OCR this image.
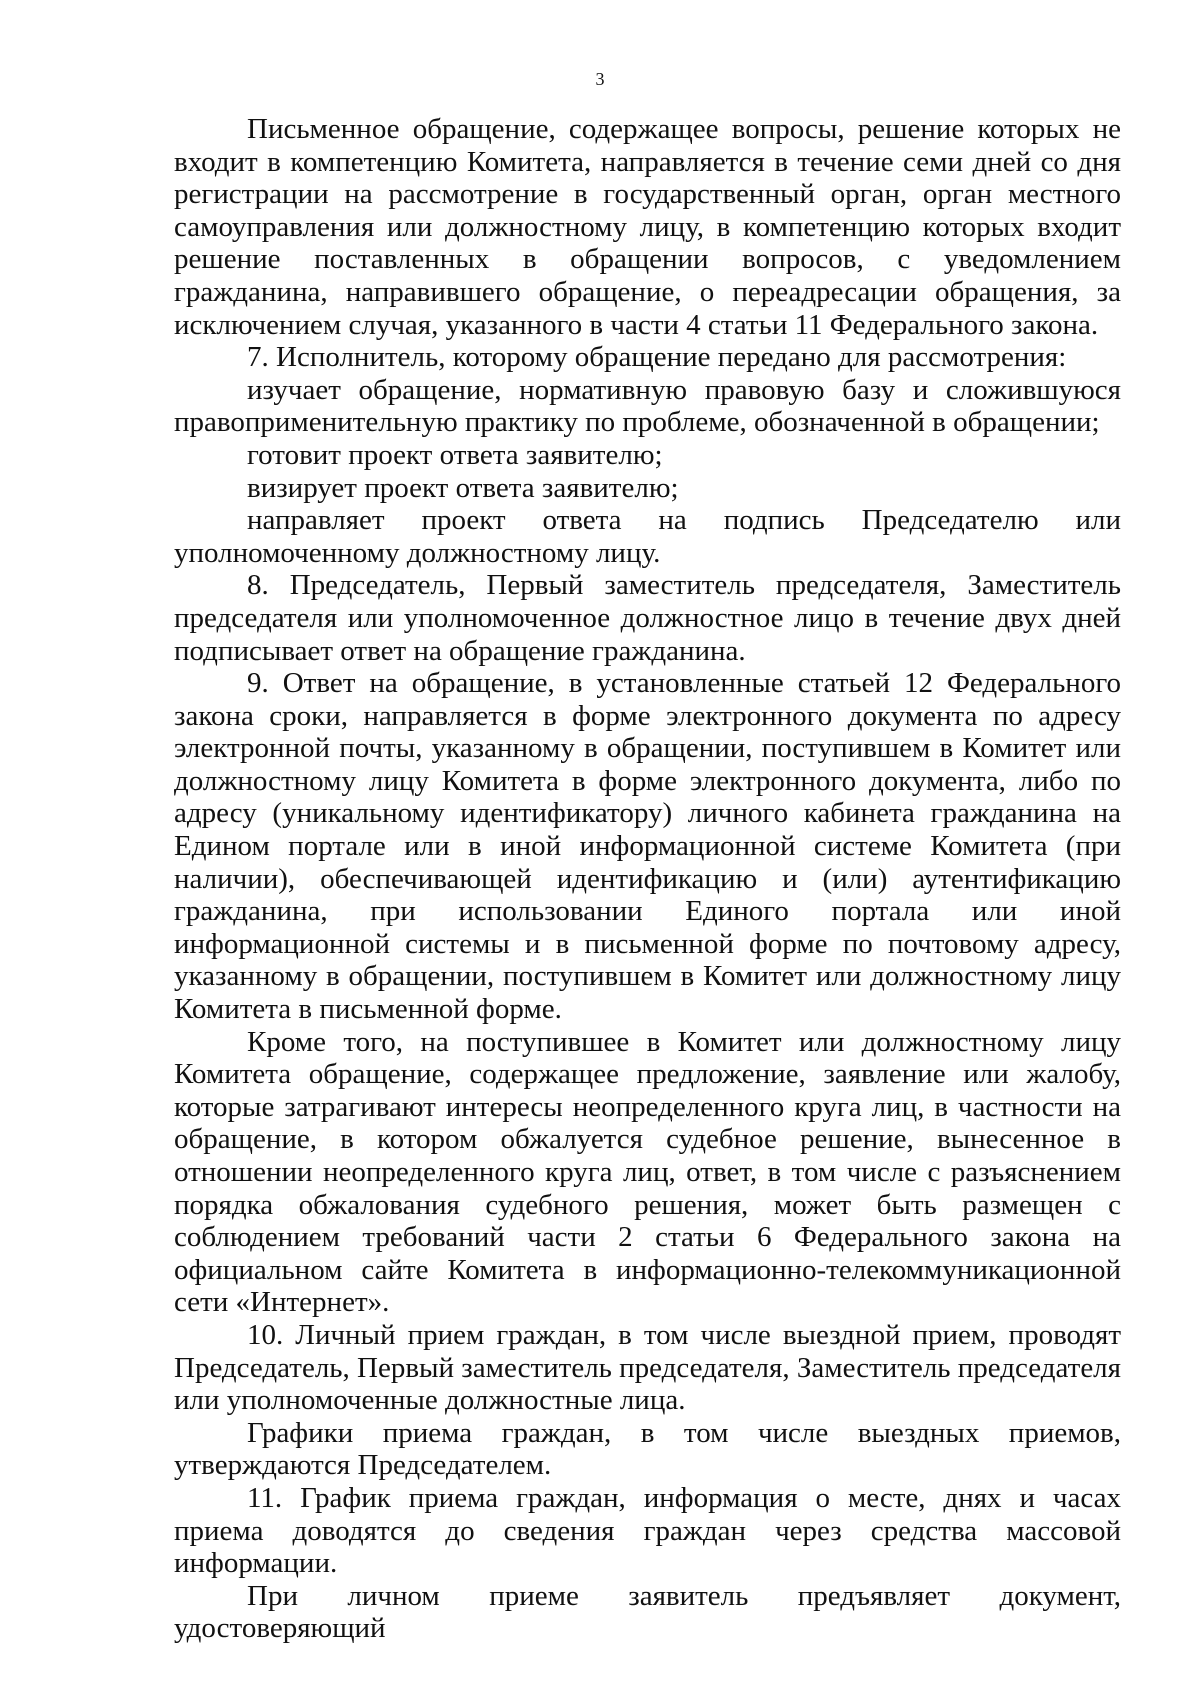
3

Письменное обращение, содержащее вопросы, решение которых не входит в компетенцию Комитета, направляется в течение семи дней со дня регистрации на рассмотрение в государственный орган, орган местного самоуправления или должностному лицу, в компетенцию которых входит решение поставленных в обращении вопросов, с уведомлением гражданина, направившего обращение, о переадресации обращения, за исключением случая, указанного в части 4 статьи 11 Федерального закона.

7. Исполнитель, которому обращение передано для рассмотрения:

изучает обращение, нормативную правовую базу и сложившуюся правоприменительную практику по проблеме, обозначенной в обращении;

готовит проект ответа заявителю;

визирует проект ответа заявителю;

направляет проект ответа на подпись Председателю или уполномоченному должностному лицу.

8. Председатель, Первый заместитель председателя, Заместитель председателя или уполномоченное должностное лицо в течение двух дней подписывает ответ на обращение гражданина.

9. Ответ на обращение, в установленные статьей 12 Федерального закона сроки, направляется в форме электронного документа по адресу электронной почты, указанному в обращении, поступившем в Комитет или должностному лицу Комитета в форме электронного документа, либо по адресу (уникальному идентификатору) личного кабинета гражданина на Едином портале или в иной информационной системе Комитета (при наличии), обеспечивающей идентификацию и (или) аутентификацию гражданина, при использовании Единого портала или иной информационной системы и в письменной форме по почтовому адресу, указанному в обращении, поступившем в Комитет или должностному лицу Комитета в письменной форме.

Кроме того, на поступившее в Комитет или должностному лицу Комитета обращение, содержащее предложение, заявление или жалобу, которые затрагивают интересы неопределенного круга лиц, в частности на обращение, в котором обжалуется судебное решение, вынесенное в отношении неопределенного круга лиц, ответ, в том числе с разъяснением порядка обжалования судебного решения, может быть размещен с соблюдением требований части 2 статьи 6 Федерального закона на официальном сайте Комитета в информационно-телекоммуникационной сети «Интернет».

10. Личный прием граждан, в том числе выездной прием, проводят Председатель, Первый заместитель председателя, Заместитель председателя или уполномоченные должностные лица.

Графики приема граждан, в том числе выездных приемов, утверждаются Председателем.

11. График приема граждан, информация о месте, днях и часах приема доводятся до сведения граждан через средства массовой информации.

При личном приеме заявитель предъявляет документ, удостоверяющий
